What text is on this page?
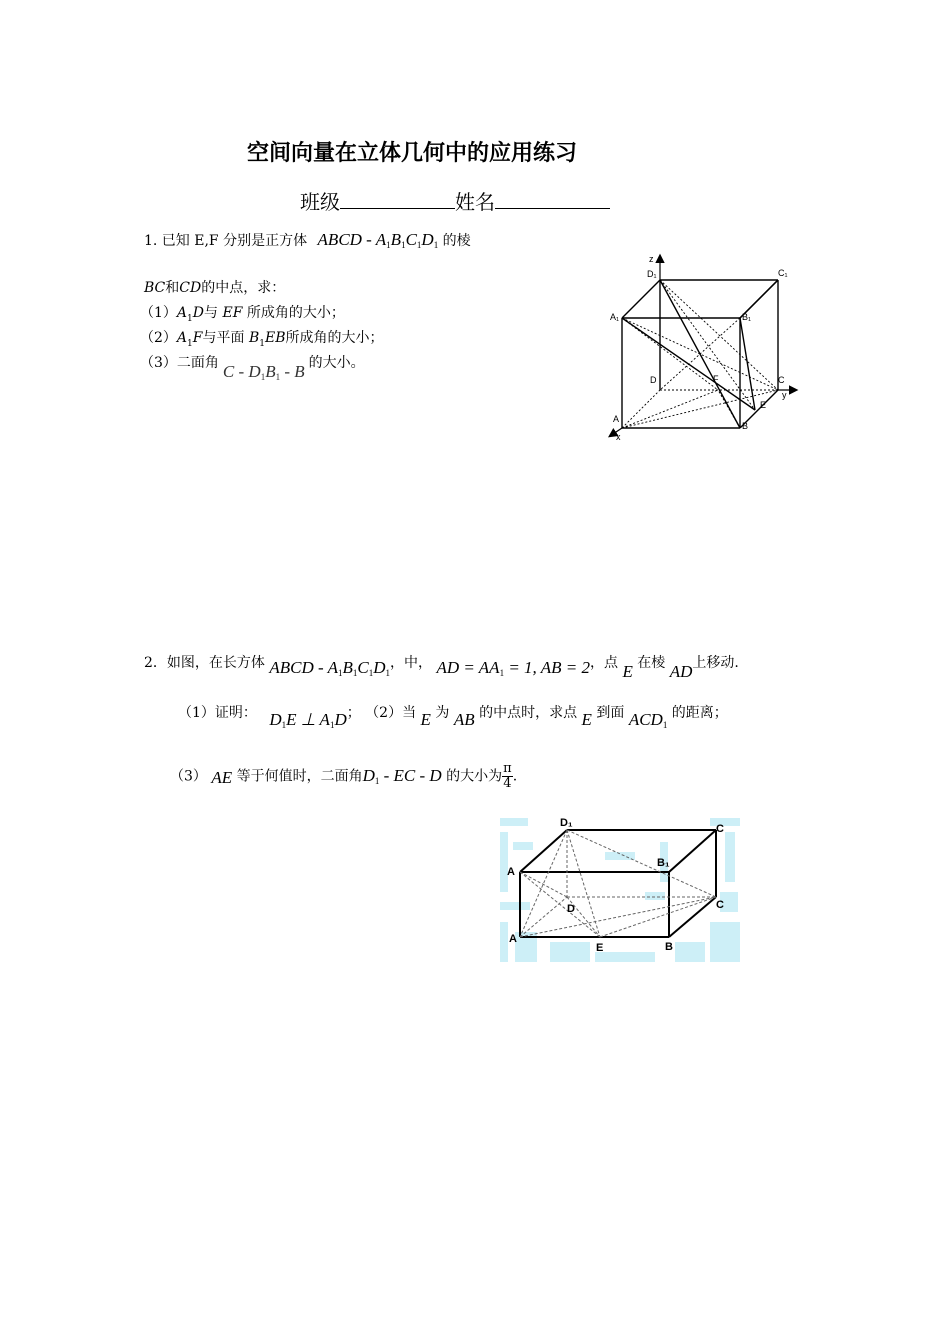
空间向量在立体几何中的应用练习
班级	姓名
1. 已知 E,F 分别是正方体 ABCD - A1B1C1D1 的棱
BC和CD的中点，求：
$(1)A_1D$与 EF 所成角的大小；
$(2)A_1F$与平面 $B_1EB$所成角的大小；
（3）二面角 C - D1B1 - B 的大小。
z
D₁	C₁
A₁	B₁
D	F	C
y
E
A
B
x
2．如图，在长方体 ABCD - A1B1C1D1，中， AD = AA1 = 1, AB = 2，点 E 在棱 AD上移动.
（1）证明： D1E ⊥ A1D； （2）当 E 为 AB 的中点时，求点 E 到面 ACD1 的距离；
（3） AE 等于何值时，二面角D1 - EC - D 的大小为 $\frac{\pi}{4}$ .
D₁	C
A
B₁
D	C
A
E	B
